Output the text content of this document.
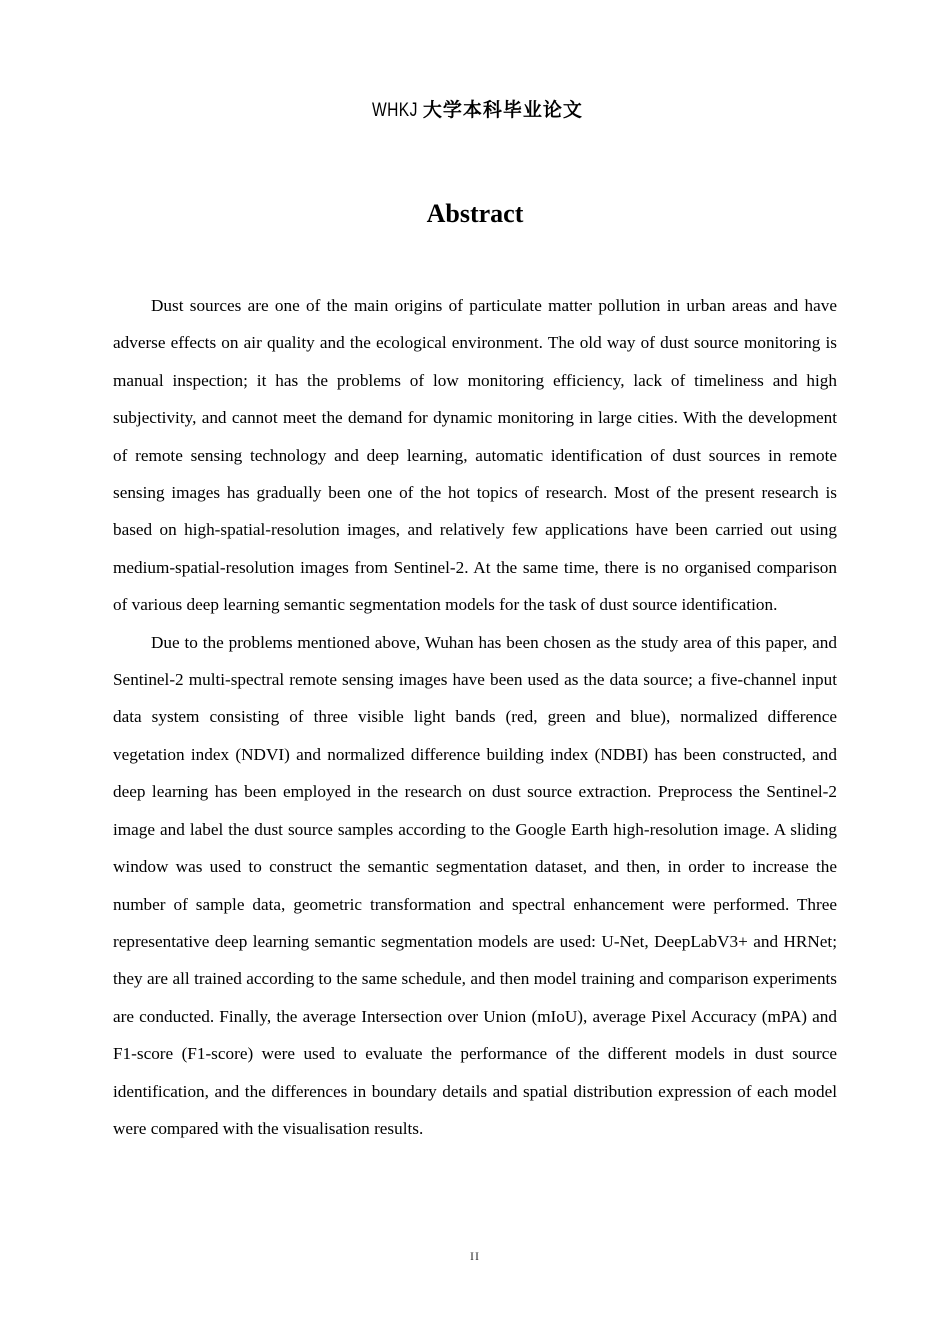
WHKJ 大学本科毕业论文
Abstract

Dust sources are one of the main origins of particulate matter pollution in urban areas and have adverse effects on air quality and the ecological environment. The old way of dust source monitoring is manual inspection; it has the problems of low monitoring efficiency, lack of timeliness and high subjectivity, and cannot meet the demand for dynamic monitoring in large cities. With the development of remote sensing technology and deep learning, automatic identification of dust sources in remote sensing images has gradually been one of the hot topics of research. Most of the present research is based on high-spatial-resolution images, and relatively few applications have been carried out using medium-spatial-resolution images from Sentinel-2. At the same time, there is no organised comparison of various deep learning semantic segmentation models for the task of dust source identification.

Due to the problems mentioned above, Wuhan has been chosen as the study area of this paper, and Sentinel-2 multi-spectral remote sensing images have been used as the data source; a five-channel input data system consisting of three visible light bands (red, green and blue), normalized difference vegetation index (NDVI) and normalized difference building index (NDBI) has been constructed, and deep learning has been employed in the research on dust source extraction. Preprocess the Sentinel-2 image and label the dust source samples according to the Google Earth high-resolution image. A sliding window was used to construct the semantic segmentation dataset, and then, in order to increase the number of sample data, geometric transformation and spectral enhancement were performed. Three representative deep learning semantic segmentation models are used: U-Net, DeepLabV3+ and HRNet; they are all trained according to the same schedule, and then model training and comparison experiments are conducted. Finally, the average Intersection over Union (mIoU), average Pixel Accuracy (mPA) and F1-score (F1-score) were used to evaluate the performance of the different models in dust source identification, and the differences in boundary details and spatial distribution expression of each model were compared with the visualisation results.

II
